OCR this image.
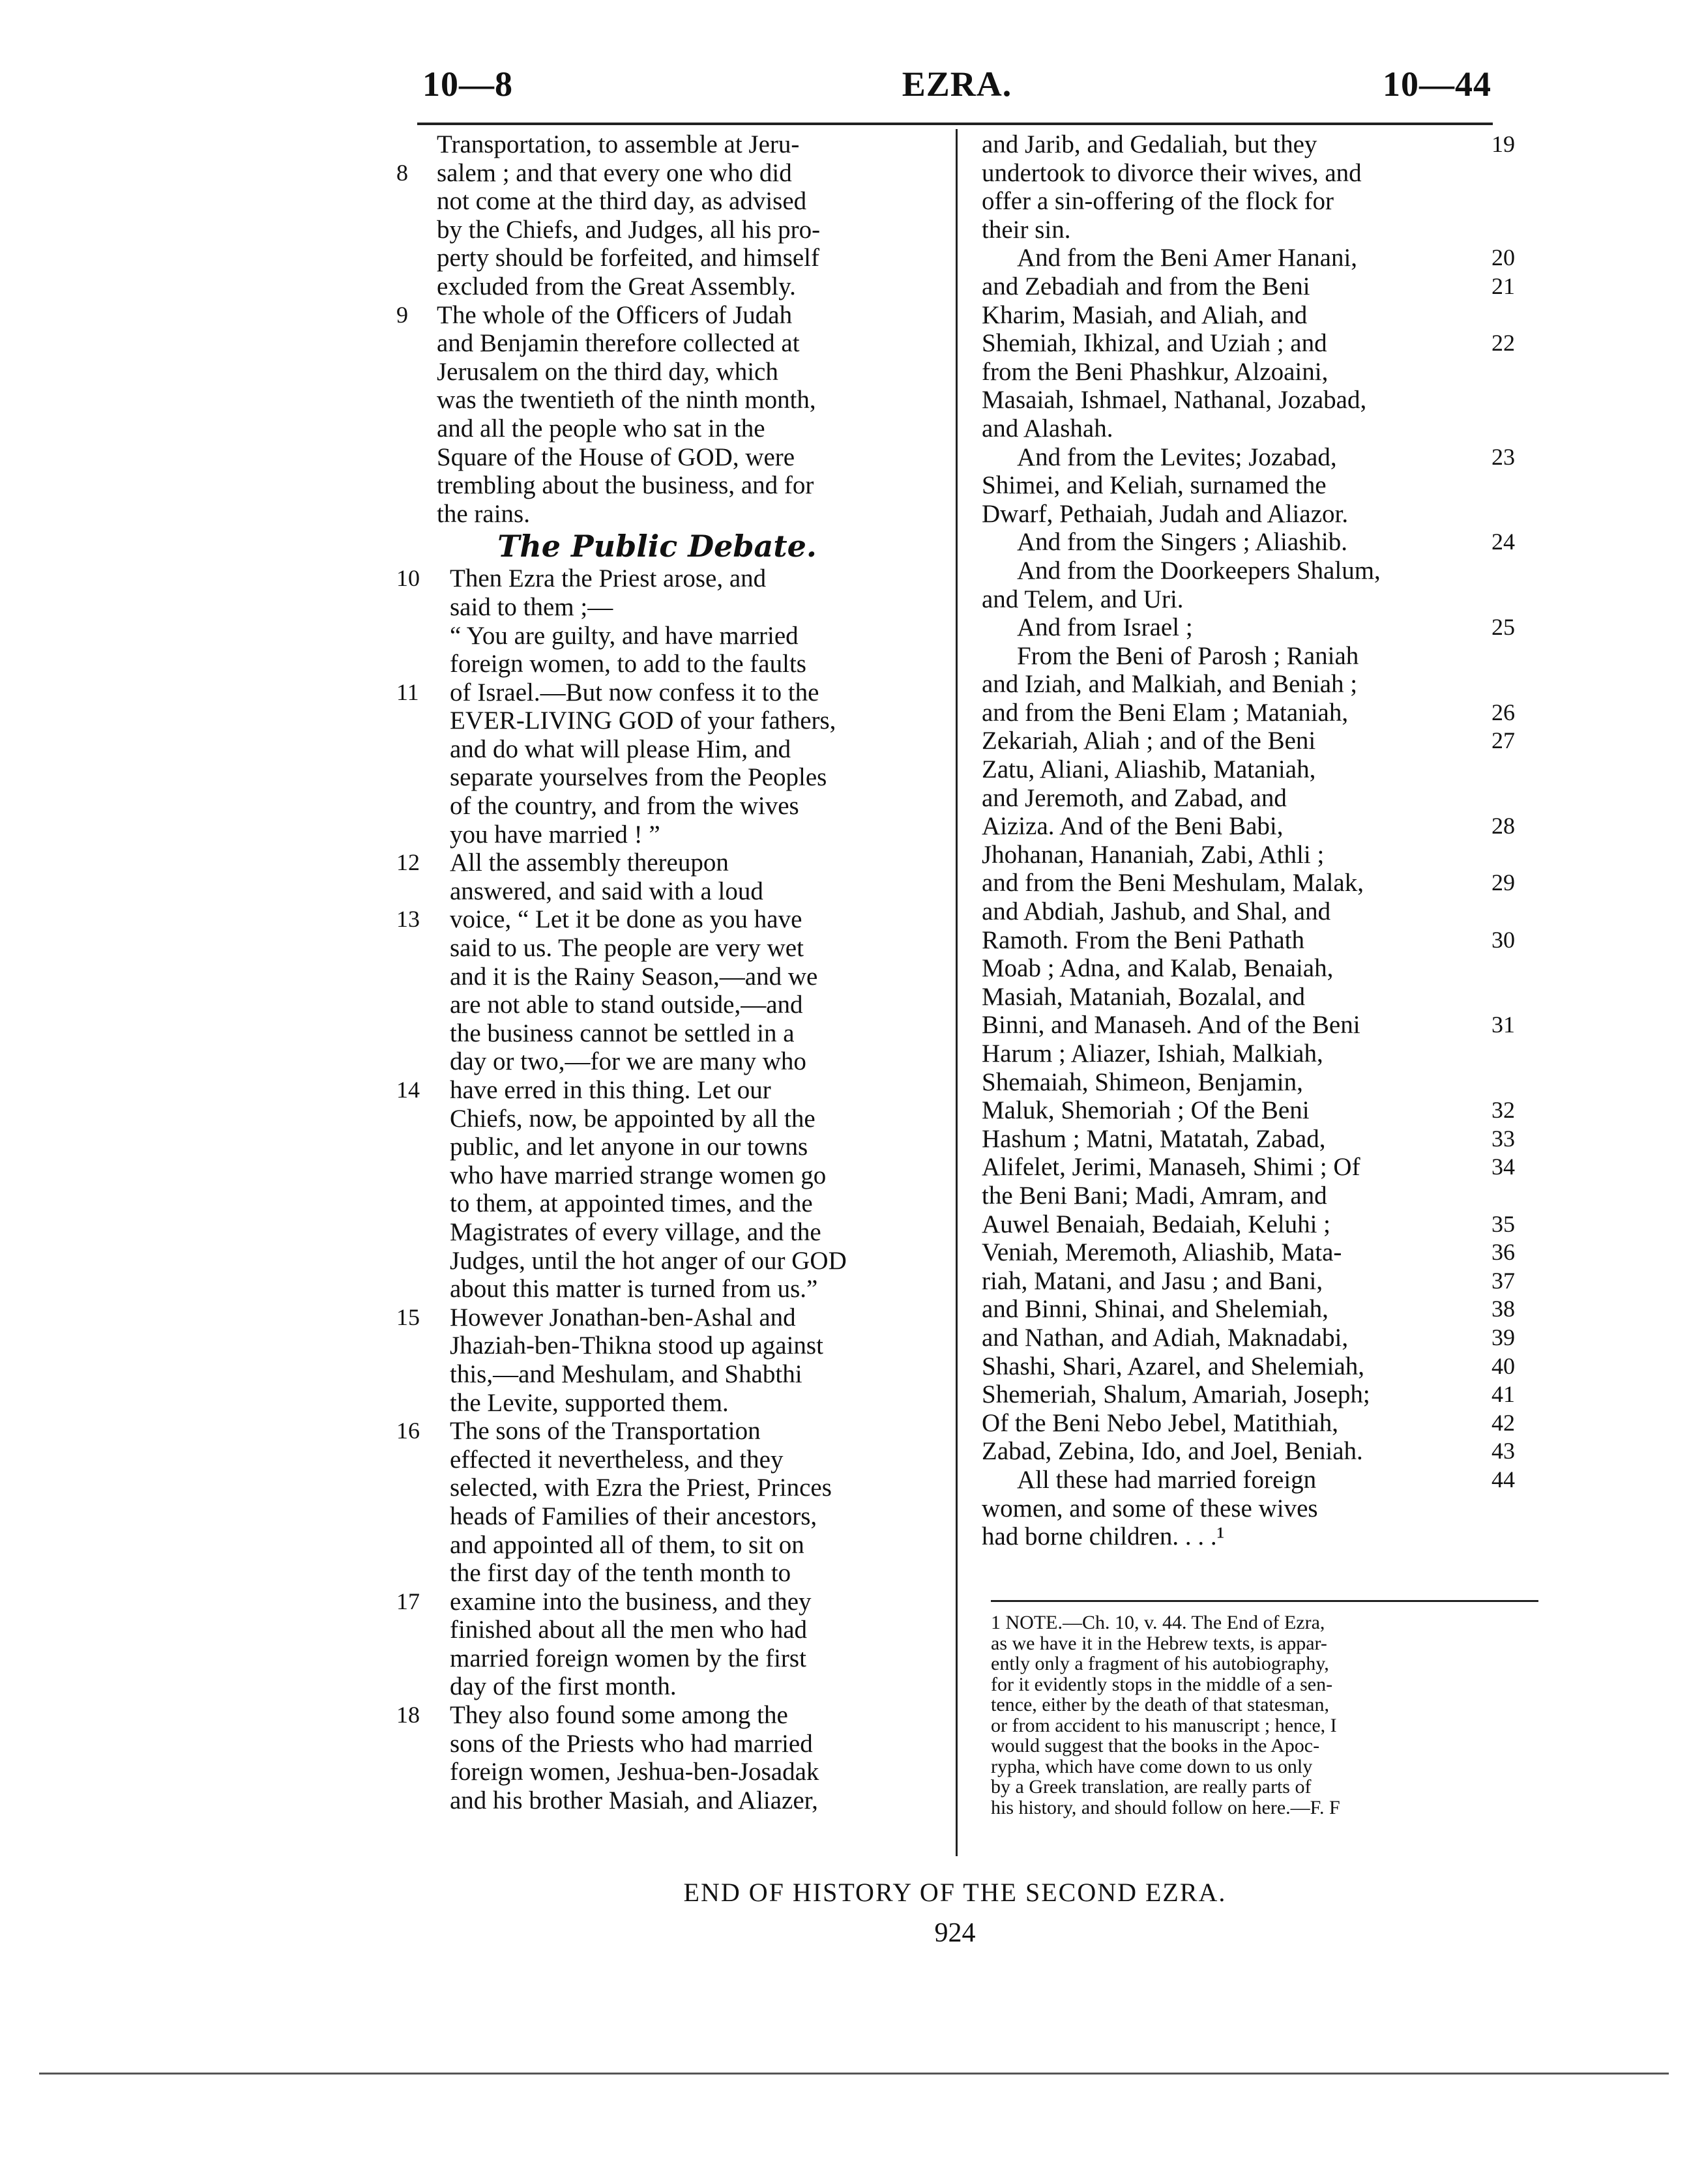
10—8	EZRA.	10—44
Transportation, to assemble at Jeru-
8 salem ; and that every one who did
not come at the third day, as advised
by the Chiefs, and Judges, all his pro-
perty should be forfeited, and himself
excluded from the Great Assembly.
9 The whole of the Officers of Judah
and Benjamin therefore collected at
Jerusalem on the third day, which
was the twentieth of the ninth month,
and all the people who sat in the
Square of the House of GOD, were
trembling about the business, and for
the rains.
The Public Debate.
10 Then Ezra the Priest arose, and
said to them ;—
“ You are guilty, and have married
foreign women, to add to the faults
11 of Israel.—But now confess it to the
EVER-LIVING GOD of your fathers,
and do what will please Him, and
separate yourselves from the Peoples
of the country, and from the wives
you have married ! ”
12 All the assembly thereupon
answered, and said with a loud
13 voice, “ Let it be done as you have
said to us. The people are very wet
and it is the Rainy Season,—and we
are not able to stand outside,—and
the business cannot be settled in a
day or two,—for we are many who
14 have erred in this thing. Let our
Chiefs, now, be appointed by all the
public, and let anyone in our towns
who have married strange women go
to them, at appointed times, and the
Magistrates of every village, and the
Judges, until the hot anger of our GOD
about this matter is turned from us.”
15 However Jonathan-ben-Ashal and
Jhaziah-ben-Thikna stood up against
this,—and Meshulam, and Shabthi
the Levite, supported them.
16 The sons of the Transportation
effected it nevertheless, and they
selected, with Ezra the Priest, Princes
heads of Families of their ancestors,
and appointed all of them, to sit on
the first day of the tenth month to
17 examine into the business, and they
finished about all the men who had
married foreign women by the first
day of the first month.
18 They also found some among the
sons of the Priests who had married
foreign women, Jeshua-ben-Josadak
and his brother Masiah, and Aliazer,
19
and Jarib, and Gedaliah, but they
undertook to divorce their wives, and
offer a sin-offering of the flock for
their sin.
20
And from the Beni Amer Hanani,
21
and Zebadiah and from the Beni
Kharim, Masiah, and Aliah, and
22
Shemiah, Ikhizal, and Uziah ; and
from the Beni Phashkur, Alzoaini,
Masaiah, Ishmael, Nathanal, Jozabad,
and Alashah.
23
And from the Levites; Jozabad,
Shimei, and Keliah, surnamed the
Dwarf, Pethaiah, Judah and Aliazor.
24
And from the Singers ; Aliashib.
And from the Doorkeepers Shalum,
and Telem, and Uri.
25
And from Israel ;
From the Beni of Parosh ; Raniah
and Iziah, and Malkiah, and Beniah ;
26
and from the Beni Elam ; Mataniah,
27
Zekariah, Aliah ; and of the Beni
Zatu, Aliani, Aliashib, Mataniah,
and Jeremoth, and Zabad, and
28
Aiziza. And of the Beni Babi,
Jhohanan, Hananiah, Zabi, Athli ;
29
and from the Beni Meshulam, Malak,
and Abdiah, Jashub, and Shal, and
30
Ramoth. From the Beni Pathath
Moab ; Adna, and Kalab, Benaiah,
Masiah, Mataniah, Bozalal, and
31
Binni, and Manaseh. And of the Beni
Harum ; Aliazer, Ishiah, Malkiah,
Shemaiah, Shimeon, Benjamin,
32
Maluk, Shemoriah ; Of the Beni
33
Hashum ; Matni, Matatah, Zabad,
34
Alifelet, Jerimi, Manaseh, Shimi ; Of
the Beni Bani; Madi, Amram, and
35
Auwel Benaiah, Bedaiah, Keluhi ;
36
Veniah, Meremoth, Aliashib, Mata-
37
riah, Matani, and Jasu ; and Bani,
38
and Binni, Shinai, and Shelemiah,
39
and Nathan, and Adiah, Maknadabi,
40
Shashi, Shari, Azarel, and Shelemiah,
41
Shemeriah, Shalum, Amariah, Joseph;
42
Of the Beni Nebo Jebel, Matithiah,
43
Zabad, Zebina, Ido, and Joel, Beniah.
44
All these had married foreign
women, and some of these wives
had borne children. . . .¹
1 NOTE.—Ch. 10, v. 44. The End of Ezra,
as we have it in the Hebrew texts, is appar-
ently only a fragment of his autobiography,
for it evidently stops in the middle of a sen-
tence, either by the death of that statesman,
or from accident to his manuscript ; hence, I
would suggest that the books in the Apoc-
rypha, which have come down to us only
by a Greek translation, are really parts of
his history, and should follow on here.—F. F
END OF HISTORY OF THE SECOND EZRA.
924
